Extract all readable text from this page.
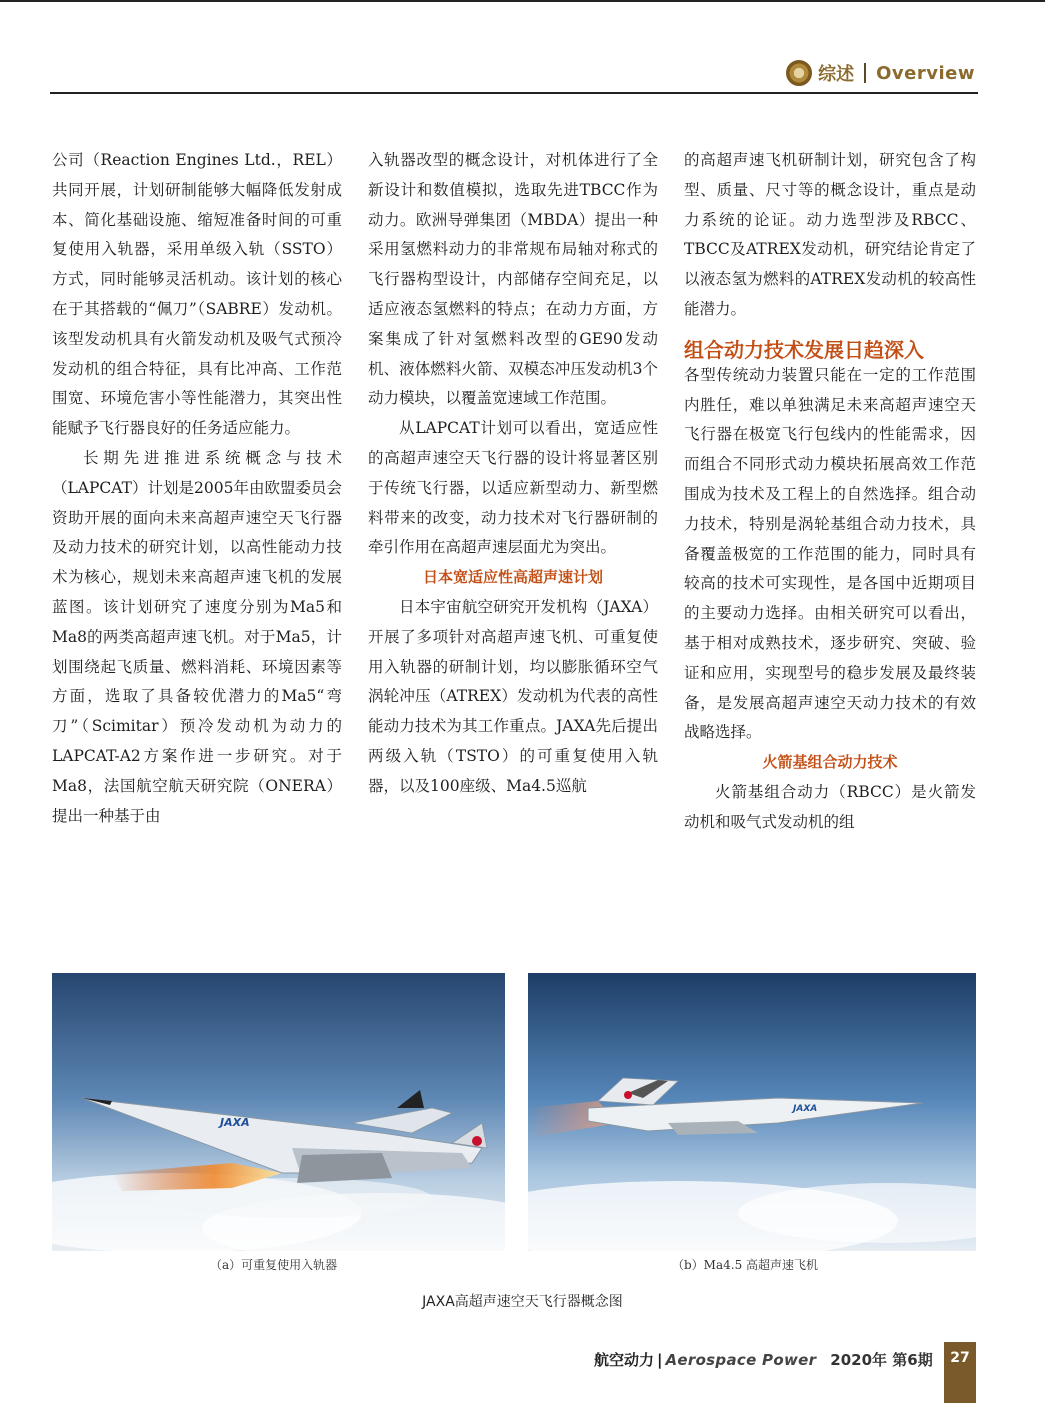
综述 Overview

公司（Reaction Engines Ltd.，REL）共同开展，计划研制能够大幅降低发射成本、简化基础设施、缩短准备时间的可重复使用入轨器，采用单级入轨（SSTO）方式，同时能够灵活机动。该计划的核心在于其搭载的“佩刀”（SABRE）发动机。该型发动机具有火箭发动机及吸气式预冷发动机的组合特征，具有比冲高、工作范围宽、环境危害小等性能潜力，其突出性能赋予飞行器良好的任务适应能力。

长期先进推进系统概念与技术（LAPCAT）计划是2005年由欧盟委员会资助开展的面向未来高超声速空天飞行器及动力技术的研究计划，以高性能动力技术为核心，规划未来高超声速飞机的发展蓝图。该计划研究了速度分别为Ma5和Ma8的两类高超声速飞机。对于Ma5，计划围绕起飞质量、燃料消耗、环境因素等方面，选取了具备较优潜力的Ma5“弯刀”（Scimitar）预冷发动机为动力的LAPCAT-A2方案作进一步研究。对于Ma8，法国航空航天研究院（ONERA）提出一种基于由

入轨器改型的概念设计，对机体进行了全新设计和数值模拟，选取先进TBCC作为动力。欧洲导弹集团（MBDA）提出一种采用氢燃料动力的非常规布局轴对称式的飞行器构型设计，内部储存空间充足，以适应液态氢燃料的特点；在动力方面，方案集成了针对氢燃料改型的GE90发动机、液体燃料火箭、双模态冲压发动机3个动力模块，以覆盖宽速域工作范围。

从LAPCAT计划可以看出，宽适应性的高超声速空天飞行器的设计将显著区别于传统飞行器，以适应新型动力、新型燃料带来的改变，动力技术对飞行器研制的牵引作用在高超声速层面尤为突出。

日本宽适应性高超声速计划

日本宇宙航空研究开发机构（JAXA）开展了多项针对高超声速飞机、可重复使用入轨器的研制计划，均以膨胀循环空气涡轮冲压（ATREX）发动机为代表的高性能动力技术为其工作重点。JAXA先后提出两级入轨（TSTO）的可重复使用入轨器，以及100座级、Ma4.5巡航

的高超声速飞机研制计划，研究包含了构型、质量、尺寸等的概念设计，重点是动力系统的论证。动力选型涉及RBCC、TBCC及ATREX发动机，研究结论肯定了以液态氢为燃料的ATREX发动机的较高性能潜力。

组合动力技术发展日趋深入

各型传统动力装置只能在一定的工作范围内胜任，难以单独满足未来高超声速空天飞行器在极宽飞行包线内的性能需求，因而组合不同形式动力模块拓展高效工作范围成为技术及工程上的自然选择。组合动力技术，特别是涡轮基组合动力技术，具备覆盖极宽的工作范围的能力，同时具有较高的技术可实现性，是各国中近期项目的主要动力选择。由相关研究可以看出，基于相对成熟技术，逐步研究、突破、验证和应用，实现型号的稳步发展及最终装备，是发展高超声速空天动力技术的有效战略选择。

火箭基组合动力技术

火箭基组合动力（RBCC）是火箭发动机和吸气式发动机的组

JAXA
JAXA
（a）可重复使用入轨器	（b）Ma4.5 高超声速飞机
JAXA高超声速空天飞行器概念图
航空动力 | Aerospace Power 2020年 第6期	27
